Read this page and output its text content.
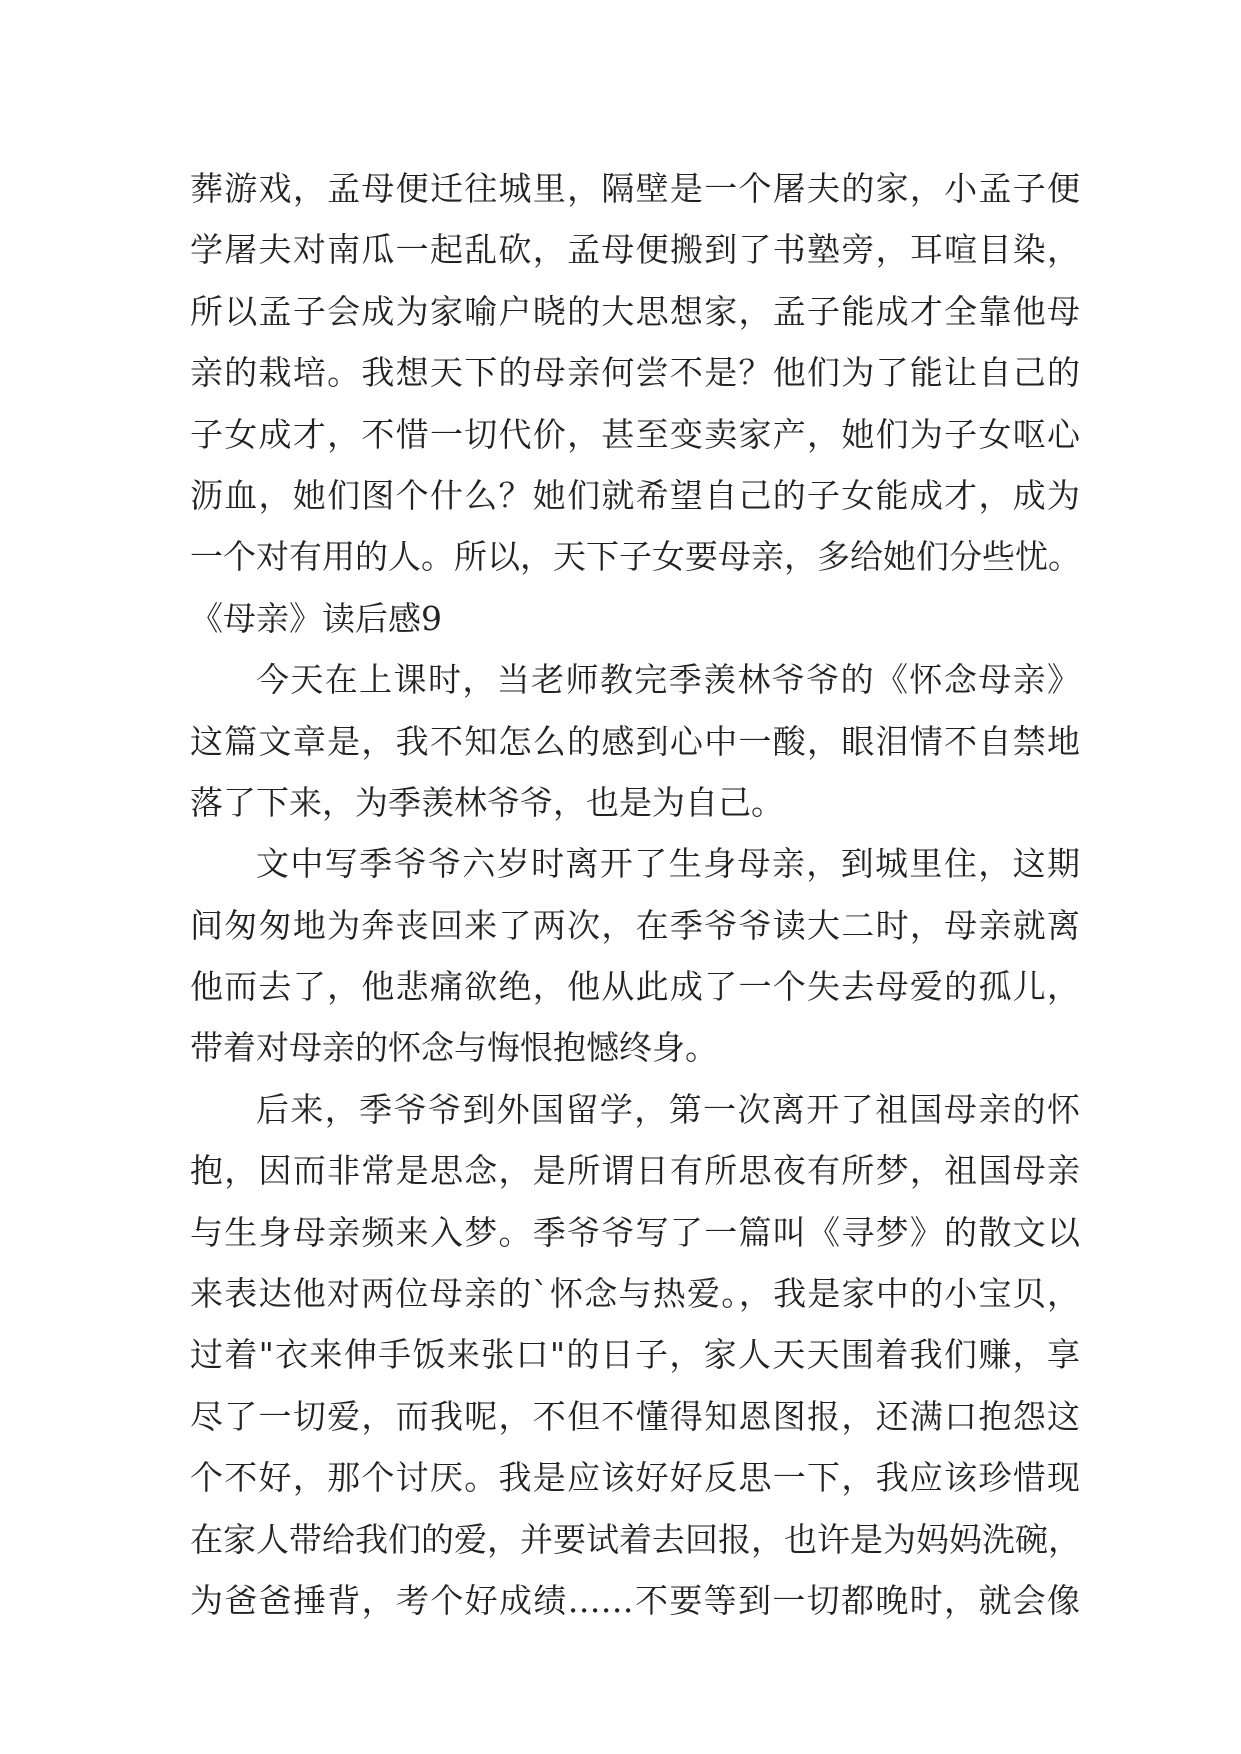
葬游戏，孟母便迁往城里，隔壁是一个屠夫的家，小孟子便
学屠夫对南瓜一起乱砍，孟母便搬到了书塾旁，耳喧目染，
所以孟子会成为家喻户晓的大思想家，孟子能成才全靠他母
亲的栽培。我想天下的母亲何尝不是？他们为了能让自己的
子女成才，不惜一切代价，甚至变卖家产，她们为子女呕心
沥血，她们图个什么？她们就希望自己的子女能成才，成为
一个对有用的人。所以，天下子女要母亲，多给她们分些忧。
《母亲》读后感9
今天在上课时，当老师教完季羡林爷爷的《怀念母亲》
这篇文章是，我不知怎么的感到心中一酸，眼泪情不自禁地
落了下来，为季羡林爷爷，也是为自己。
文中写季爷爷六岁时离开了生身母亲，到城里住，这期
间匆匆地为奔丧回来了两次，在季爷爷读大二时，母亲就离
他而去了，他悲痛欲绝，他从此成了一个失去母爱的孤儿，
带着对母亲的怀念与悔恨抱憾终身。
后来，季爷爷到外国留学，第一次离开了祖国母亲的怀
抱，因而非常是思念，是所谓日有所思夜有所梦，祖国母亲
与生身母亲频来入梦。季爷爷写了一篇叫《寻梦》的散文以
来表达他对两位母亲的`怀念与热爱。，我是家中的小宝贝，
过着"衣来伸手饭来张口"的日子，家人天天围着我们赚，享
尽了一切爱，而我呢，不但不懂得知恩图报，还满口抱怨这
个不好，那个讨厌。我是应该好好反思一下，我应该珍惜现
在家人带给我们的爱，并要试着去回报，也许是为妈妈洗碗，
为爸爸捶背，考个好成绩……不要等到一切都晚时，就会像
